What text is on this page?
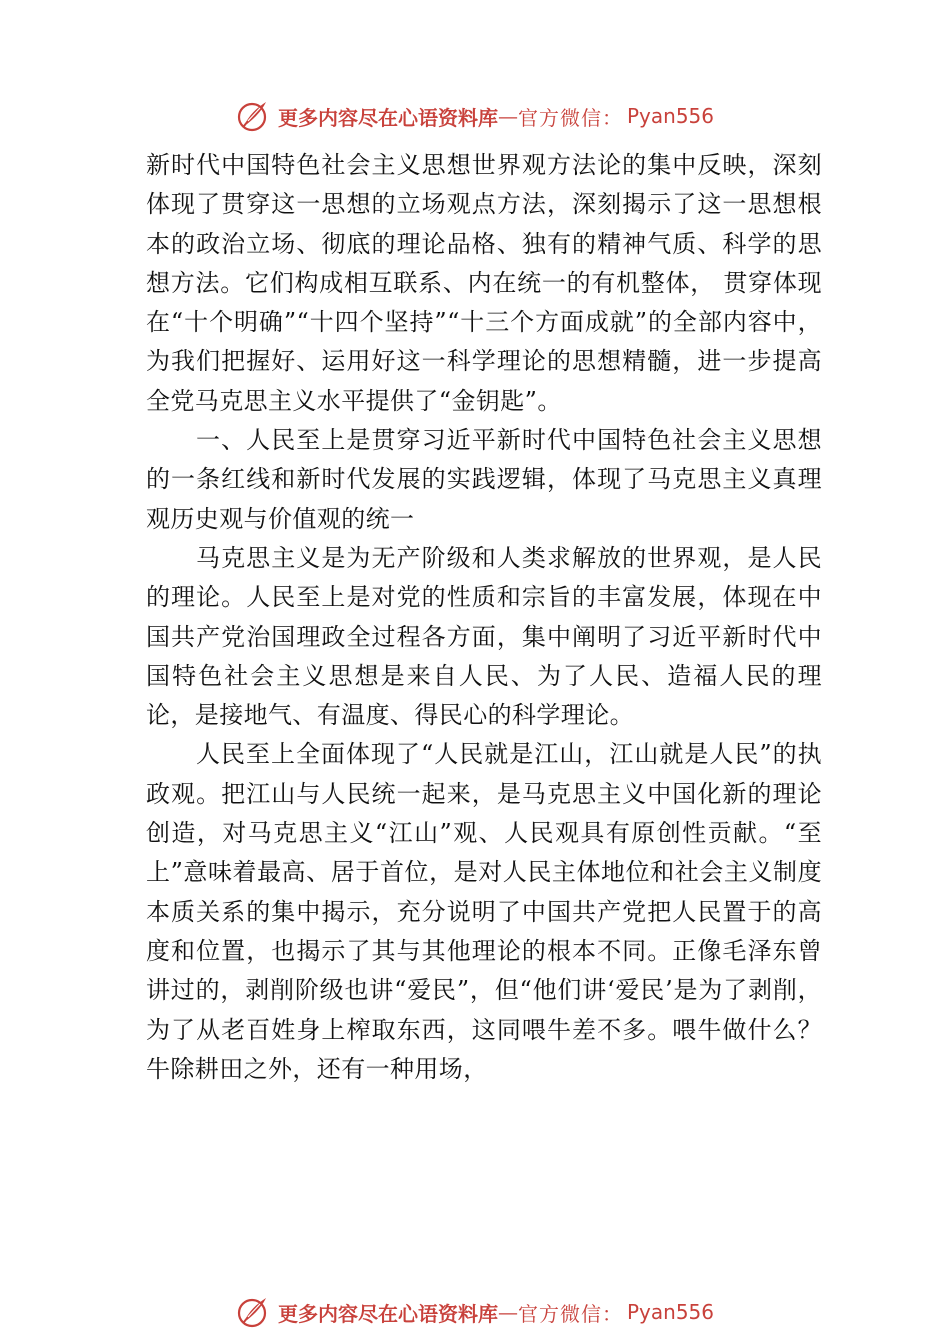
更多内容尽在心语资料库 — 官方微信： Pyan556

新时代中国特色社会主义思想世界观方法论的集中反映，深刻体现了贯穿这一思想的立场观点方法，深刻揭示了这一思想根本的政治立场、彻底的理论品格、独有的精神气质、科学的思想方法。它们构成相互联系、内在统一的有机整体， 贯穿体现在“十个明确”“十四个坚持”“十三个方面成就”的全部内容中，为我们把握好、运用好这一科学理论的思想精髓，进一步提高全党马克思主义水平提供了“金钥匙”。

一、人民至上是贯穿习近平新时代中国特色社会主义思想的一条红线和新时代发展的实践逻辑，体现了马克思主义真理观历史观与价值观的统一

马克思主义是为无产阶级和人类求解放的世界观，是人民的理论。人民至上是对党的性质和宗旨的丰富发展，体现在中国共产党治国理政全过程各方面，集中阐明了习近平新时代中国特色社会主义思想是来自人民、为了人民、造福人民的理论，是接地气、有温度、得民心的科学理论。

人民至上全面体现了“人民就是江山，江山就是人民”的执政观。把江山与人民统一起来，是马克思主义中国化新的理论创造，对马克思主义“江山”观、人民观具有原创性贡献。“至上”意味着最高、居于首位，是对人民主体地位和社会主义制度本质关系的集中揭示，充分说明了中国共产党把人民置于的高度和位置，也揭示了其与其他理论的根本不同。正像毛泽东曾讲过的，剥削阶级也讲“爱民”，但“他们讲‘爱民’是为了剥削，为了从老百姓身上榨取东西，这同喂牛差不多。喂牛做什么？牛除耕田之外，还有一种用场，

更多内容尽在心语资料库 — 官方微信： Pyan556
